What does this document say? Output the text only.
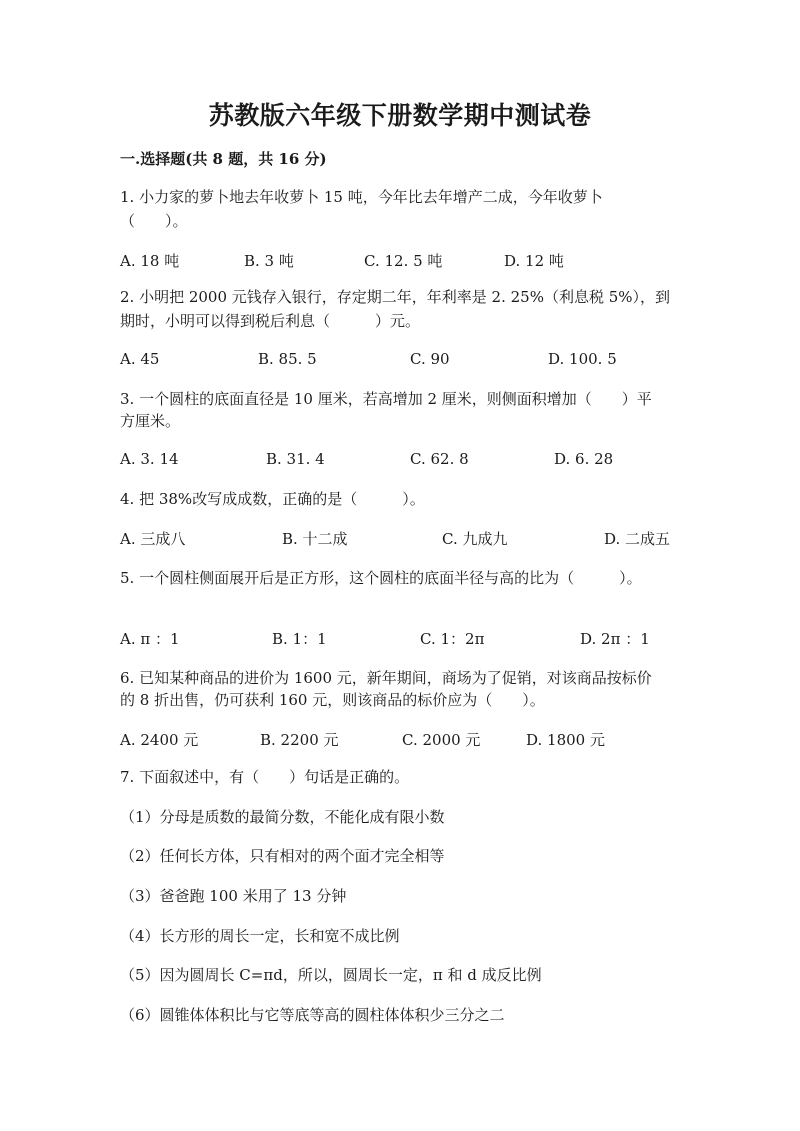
苏教版六年级下册数学期中测试卷
一.选择题(共 8 题，共 16 分)
1. 小力家的萝卜地去年收萝卜 15 吨，今年比去年增产二成，今年收萝卜
（　　）。
A. 18 吨	B. 3 吨	C. 12. 5 吨	D. 12 吨
2. 小明把 2000 元钱存入银行，存定期二年，年利率是 2. 25%（利息税 5%），到
期时，小明可以得到税后利息（　　　）元。
A. 45	B. 85. 5	C. 90	D. 100. 5
3. 一个圆柱的底面直径是 10 厘米，若高增加 2 厘米，则侧面积增加（　　）平
方厘米。
A. 3. 14	B. 31. 4	C. 62. 8	D. 6. 28
4. 把 38%改写成成数，正确的是（　　　）。
A. 三成八	B. 十二成	C. 九成九	D. 二成五
5. 一个圆柱侧面展开后是正方形，这个圆柱的底面半径与高的比为（　　　）。
A. π ：1	B. 1：1	C. 1：2π	D. 2π ：1
6. 已知某种商品的进价为 1600 元，新年期间，商场为了促销，对该商品按标价
的 8 折出售，仍可获利 160 元，则该商品的标价应为（　　）。
A. 2400 元	B. 2200 元	C. 2000 元	D. 1800 元
7. 下面叙述中，有（　　）句话是正确的。
（1）分母是质数的最简分数，不能化成有限小数
（2）任何长方体，只有相对的两个面才完全相等
（3）爸爸跑 100 米用了 13 分钟
（4）长方形的周长一定，长和宽不成比例
（5）因为圆周长 C=πd，所以，圆周长一定，π 和 d 成反比例
（6）圆锥体体积比与它等底等高的圆柱体体积少三分之二
